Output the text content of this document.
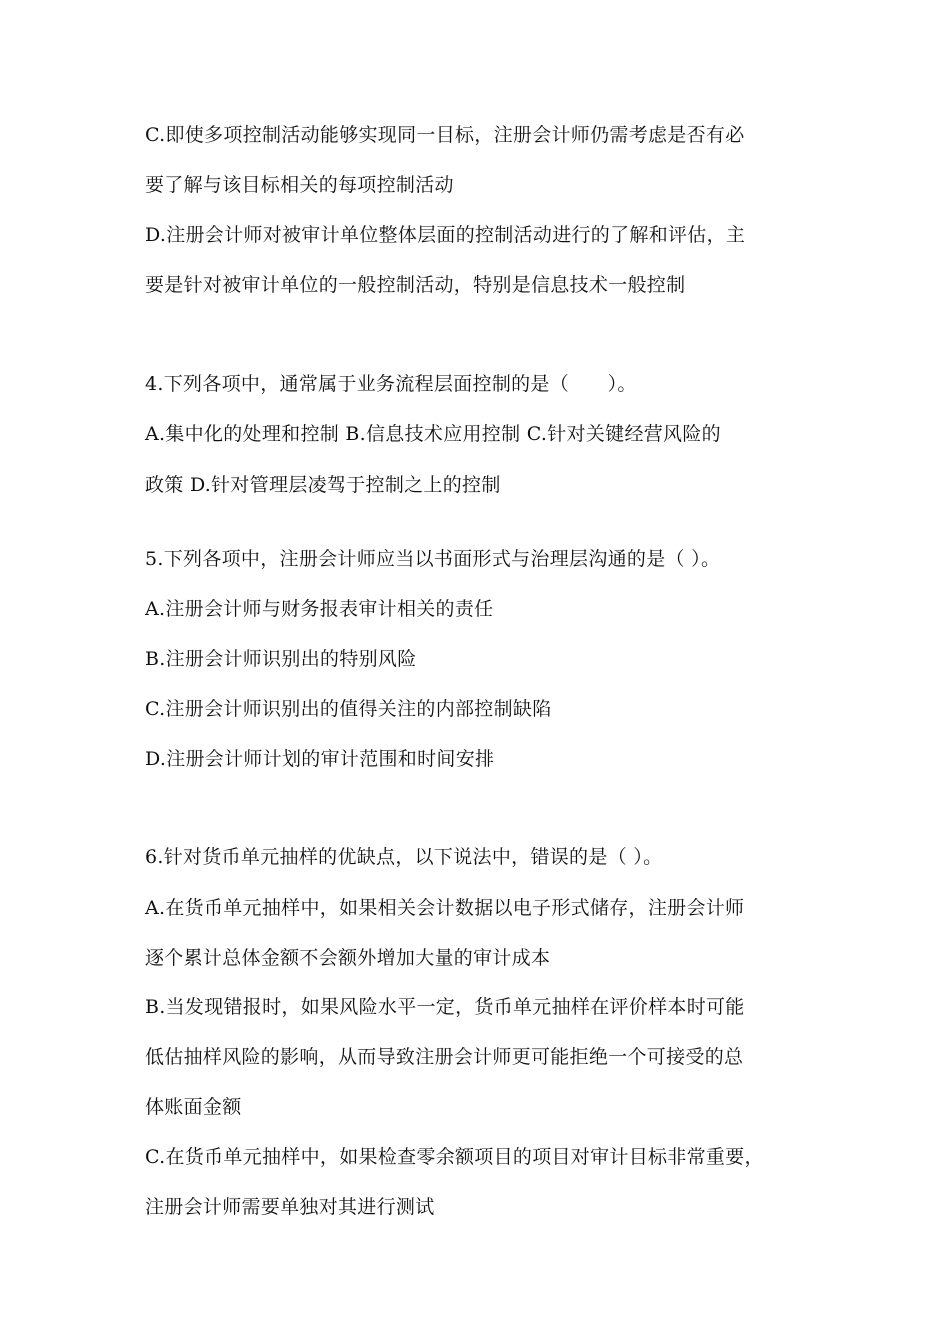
C.即使多项控制活动能够实现同一目标，注册会计师仍需考虑是否有必
要了解与该目标相关的每项控制活动
D.注册会计师对被审计单位整体层面的控制活动进行的了解和评估，主
要是针对被审计单位的一般控制活动，特别是信息技术一般控制
4.下列各项中，通常属于业务流程层面控制的是（　　）。
A.集中化的处理和控制 B.信息技术应用控制 C.针对关键经营风险的
政策 D.针对管理层凌驾于控制之上的控制
5.下列各项中，注册会计师应当以书面形式与治理层沟通的是（ ）。
A.注册会计师与财务报表审计相关的责任
B.注册会计师识别出的特别风险
C.注册会计师识别出的值得关注的内部控制缺陷
D.注册会计师计划的审计范围和时间安排
6.针对货币单元抽样的优缺点，以下说法中，错误的是（ ）。
A.在货币单元抽样中，如果相关会计数据以电子形式储存，注册会计师
逐个累计总体金额不会额外增加大量的审计成本
B.当发现错报时，如果风险水平一定，货币单元抽样在评价样本时可能
低估抽样风险的影响，从而导致注册会计师更可能拒绝一个可接受的总
体账面金额
C.在货币单元抽样中，如果检查零余额项目的项目对审计目标非常重要，
注册会计师需要单独对其进行测试
